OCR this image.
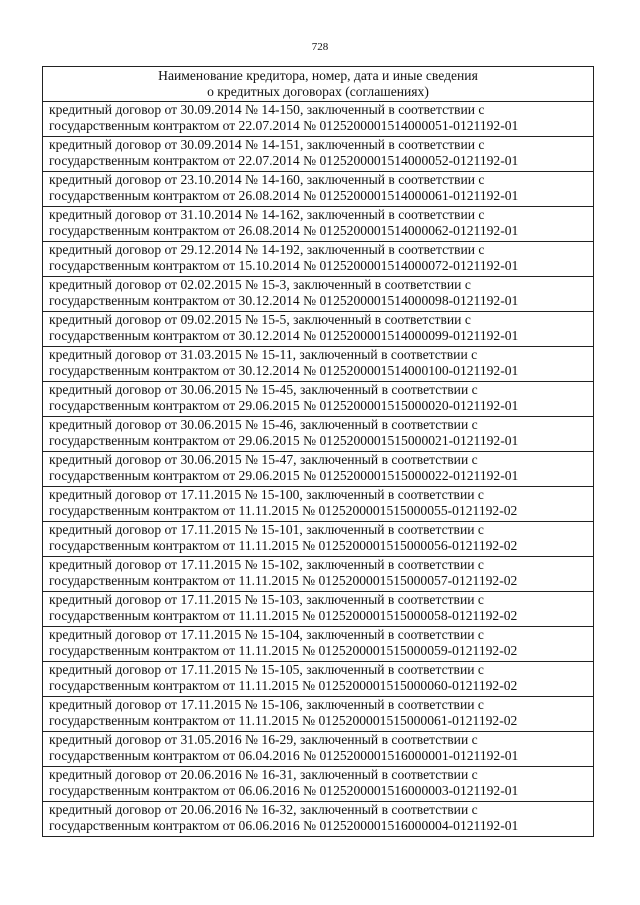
728
Наименование кредитора, номер, дата и иные сведения
о кредитных договорах (соглашениях)

кредитный договор от 30.09.2014 № 14-150, заключенный в соответствии с
государственным контрактом от 22.07.2014 № 0125200001514000051-0121192-01

кредитный договор от 30.09.2014 № 14-151, заключенный в соответствии с
государственным контрактом от 22.07.2014 № 0125200001514000052-0121192-01

кредитный договор от 23.10.2014 № 14-160, заключенный в соответствии с
государственным контрактом от 26.08.2014 № 0125200001514000061-0121192-01

кредитный договор от 31.10.2014 № 14-162, заключенный в соответствии с
государственным контрактом от 26.08.2014 № 0125200001514000062-0121192-01

кредитный договор от 29.12.2014 № 14-192, заключенный в соответствии с
государственным контрактом от 15.10.2014 № 0125200001514000072-0121192-01

кредитный договор от 02.02.2015 № 15-3, заключенный в соответствии с
государственным контрактом от 30.12.2014 № 0125200001514000098-0121192-01

кредитный договор от 09.02.2015 № 15-5, заключенный в соответствии с
государственным контрактом от 30.12.2014 № 0125200001514000099-0121192-01

кредитный договор от 31.03.2015 № 15-11, заключенный в соответствии с
государственным контрактом от 30.12.2014 № 0125200001514000100-0121192-01

кредитный договор от 30.06.2015 № 15-45, заключенный в соответствии с
государственным контрактом от 29.06.2015 № 0125200001515000020-0121192-01

кредитный договор от 30.06.2015 № 15-46, заключенный в соответствии с
государственным контрактом от 29.06.2015 № 0125200001515000021-0121192-01

кредитный договор от 30.06.2015 № 15-47, заключенный в соответствии с
государственным контрактом от 29.06.2015 № 0125200001515000022-0121192-01

кредитный договор от 17.11.2015 № 15-100, заключенный в соответствии с
государственным контрактом от 11.11.2015 № 0125200001515000055-0121192-02

кредитный договор от 17.11.2015 № 15-101, заключенный в соответствии с
государственным контрактом от 11.11.2015 № 0125200001515000056-0121192-02

кредитный договор от 17.11.2015 № 15-102, заключенный в соответствии с
государственным контрактом от 11.11.2015 № 0125200001515000057-0121192-02

кредитный договор от 17.11.2015 № 15-103, заключенный в соответствии с
государственным контрактом от 11.11.2015 № 0125200001515000058-0121192-02

кредитный договор от 17.11.2015 № 15-104, заключенный в соответствии с
государственным контрактом от 11.11.2015 № 0125200001515000059-0121192-02

кредитный договор от 17.11.2015 № 15-105, заключенный в соответствии с
государственным контрактом от 11.11.2015 № 0125200001515000060-0121192-02

кредитный договор от 17.11.2015 № 15-106, заключенный в соответствии с
государственным контрактом от 11.11.2015 № 0125200001515000061-0121192-02

кредитный договор от 31.05.2016 № 16-29, заключенный в соответствии с
государственным контрактом от 06.04.2016 № 0125200001516000001-0121192-01

кредитный договор от 20.06.2016 № 16-31, заключенный в соответствии с
государственным контрактом от 06.06.2016 № 0125200001516000003-0121192-01

кредитный договор от 20.06.2016 № 16-32, заключенный в соответствии с
государственным контрактом от 06.06.2016 № 0125200001516000004-0121192-01
